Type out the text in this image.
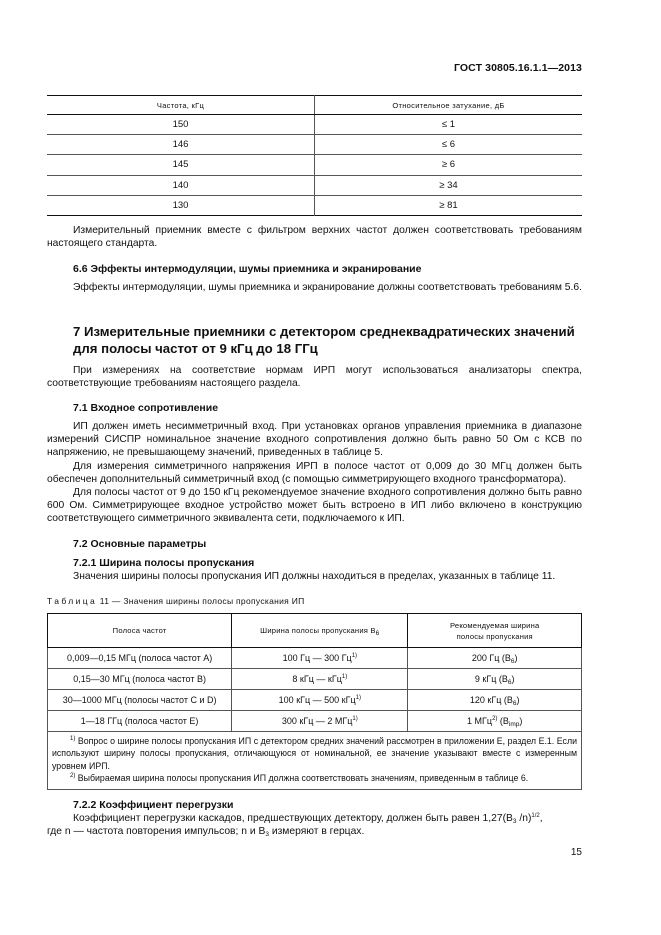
ГОСТ 30805.16.1.1—2013
Частота, кГц	Относительное затухание, дБ
150	≤ 1
146	≤ 6
145	≥ 6
140	≥ 34
130	≥ 81

Измерительный приемник вместе с фильтром верхних частот должен соответствовать требованиям настоящего стандарта.

6.6 Эффекты интермодуляции, шумы приемника и экранирование

Эффекты интермодуляции, шумы приемника и экранирование должны соответствовать требованиям 5.6.

7 Измерительные приемники с детектором среднеквадратических значений

для полосы частот от 9 кГц до 18 ГГц

При измерениях на соответствие нормам ИРП могут использоваться анализаторы спектра, соответствующие требованиям настоящего раздела.

7.1 Входное сопротивление

ИП должен иметь несимметричный вход. При установках органов управления приемника в диапазоне измерений СИСПР номинальное значение входного сопротивления должно быть равно 50 Ом с КСВ по напряжению, не превышающему значений, приведенных в таблице 5.

Для измерения симметричного напряжения ИРП в полосе частот от 0,009 до 30 МГц должен быть обеспечен дополнительный симметричный вход (с помощью симметрирующего входного трансформатора).

Для полосы частот от 9 до 150 кГц рекомендуемое значение входного сопротивления должно быть равно 600 Ом. Симметрирующее входное устройство может быть встроено в ИП либо включено в конструкцию соответствующего симметричного эквивалента сети, подключаемого к ИП.

7.2 Основные параметры

7.2.1 Ширина полосы пропускания

Значения ширины полосы пропускания ИП должны находиться в пределах, указанных в таблице 11.

Таблица 11 — Значения ширины полосы пропускания ИП
Полоса частот	Ширина полосы пропускания $B_6$	Рекомендуемая ширина
полосы пропускания
0,009—0,15 МГц (полоса частот А)	100 Гц — 300 $Гц^{1)}$	200 Гц $(B_6)$
0,15—30 МГц (полоса частот В)	8 кГц — кГц$^{1)}$	9 кГц $(B_6)$
30—1000 МГц (полосы частот С и D)	100 кГц — 500 кГц$^{1)}$	120 кГц $(B_6)$
1—18 ГГц (полоса частот Е)	300 кГц — 2 МГц$^{1)}$	1 МГц$^{2)}$ $(B_{imp})$

$^{1)}$ Вопрос о ширине полосы пропускания ИП с детектором средних значений рассмотрен в приложении Е, раздел Е.1. Если используют ширину полосы пропускания, отличающуюся от номинальной, ее значение указывают вместе с измеренным уровнем ИРП.

$^{2)}$ Выбираемая ширина полосы пропускания ИП должна соответствовать значениям, приведенным в таблице 6.		

7.2.2 Коэффициент перегрузки

Коэффициент перегрузки каскадов, предшествующих детектору, должен быть равен $1,27(B_3$ /n)$^{1/2}$,

где n — частота повторения импульсов; n и $B_3$ измеряют в герцах.

15
